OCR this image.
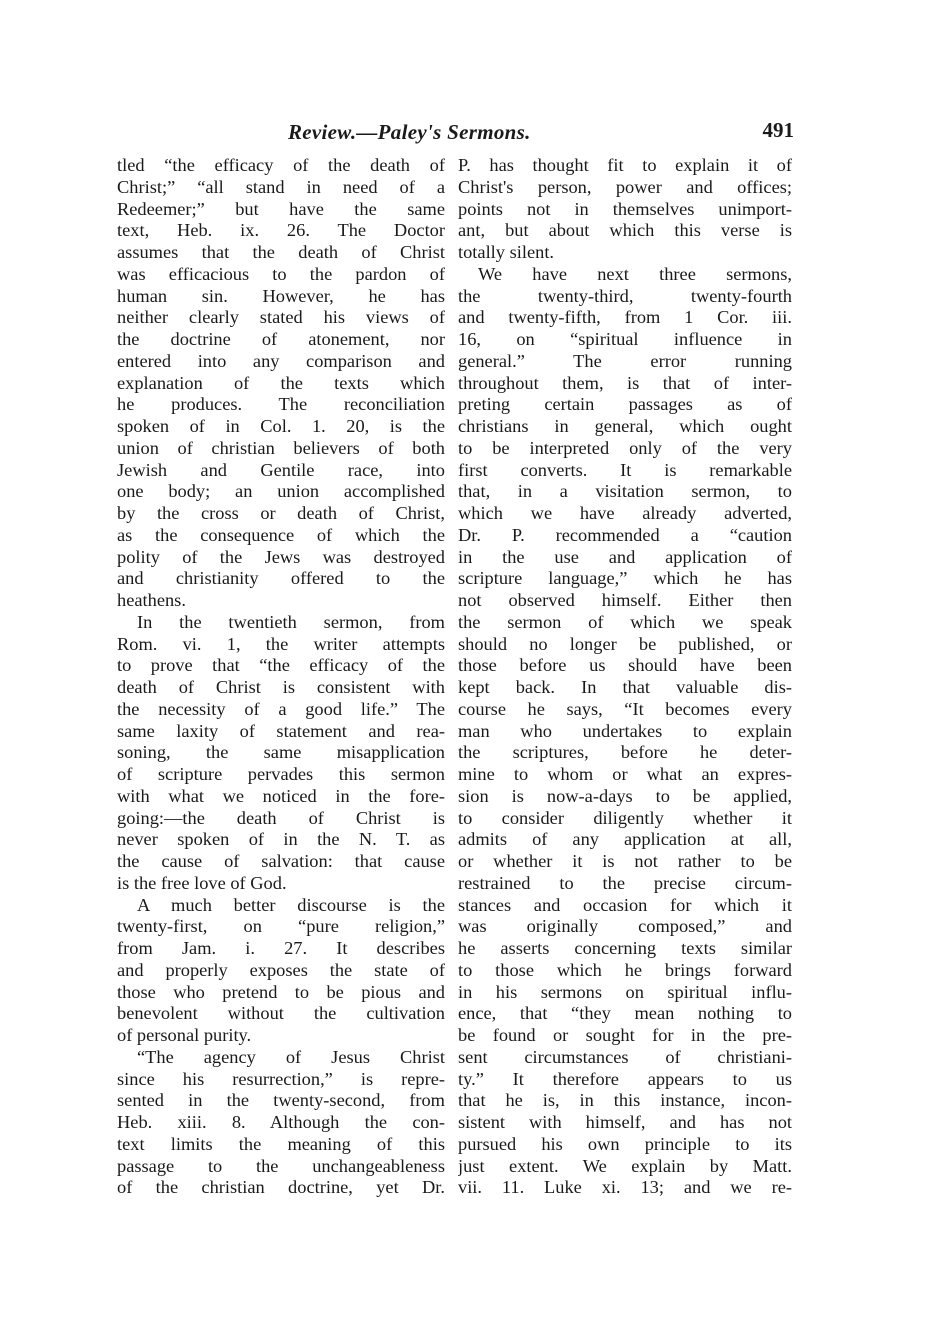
Review.—Paley's Sermons.	491
tled “the efficacy of the death of
Christ;” “all stand in need of a
Redeemer;” but have the same
text, Heb. ix. 26. The Doctor
assumes that the death of Christ
was efficacious to the pardon of
human sin. However, he has
neither clearly stated his views of
the doctrine of atonement, nor
entered into any comparison and
explanation of the texts which
he produces. The reconciliation
spoken of in Col. 1. 20, is the
union of christian believers of both
Jewish and Gentile race, into
one body; an union accomplished
by the cross or death of Christ,
as the consequence of which the
polity of the Jews was destroyed
and christianity offered to the
heathens.
In the twentieth sermon, from
Rom. vi. 1, the writer attempts
to prove that “the efficacy of the
death of Christ is consistent with
the necessity of a good life.” The
same laxity of statement and rea-
soning, the same misapplication
of scripture pervades this sermon
with what we noticed in the fore-
going:—the death of Christ is
never spoken of in the N. T. as
the cause of salvation: that cause
is the free love of God.
A much better discourse is the
twenty-first, on “pure religion,”
from Jam. i. 27. It describes
and properly exposes the state of
those who pretend to be pious and
benevolent without the cultivation
of personal purity.
“The agency of Jesus Christ
since his resurrection,” is repre-
sented in the twenty-second, from
Heb. xiii. 8. Although the con-
text limits the meaning of this
passage to the unchangeableness
of the christian doctrine, yet Dr.
P. has thought fit to explain it of
Christ's person, power and offices;
points not in themselves unimport-
ant, but about which this verse is
totally silent.
We have next three sermons,
the twenty-third, twenty-fourth
and twenty-fifth, from 1 Cor. iii.
16, on “spiritual influence in
general.” The error running
throughout them, is that of inter-
preting certain passages as of
christians in general, which ought
to be interpreted only of the very
first converts. It is remarkable
that, in a visitation sermon, to
which we have already adverted,
Dr. P. recommended a “caution
in the use and application of
scripture language,” which he has
not observed himself. Either then
the sermon of which we speak
should no longer be published, or
those before us should have been
kept back. In that valuable dis-
course he says, “It becomes every
man who undertakes to explain
the scriptures, before he deter-
mine to whom or what an expres-
sion is now-a-days to be applied,
to consider diligently whether it
admits of any application at all,
or whether it is not rather to be
restrained to the precise circum-
stances and occasion for which it
was originally composed,” and
he asserts concerning texts similar
to those which he brings forward
in his sermons on spiritual influ-
ence, that “they mean nothing to
be found or sought for in the pre-
sent circumstances of christiani-
ty.” It therefore appears to us
that he is, in this instance, incon-
sistent with himself, and has not
pursued his own principle to its
just extent. We explain by Matt.
vii. 11. Luke xi. 13; and we re-
